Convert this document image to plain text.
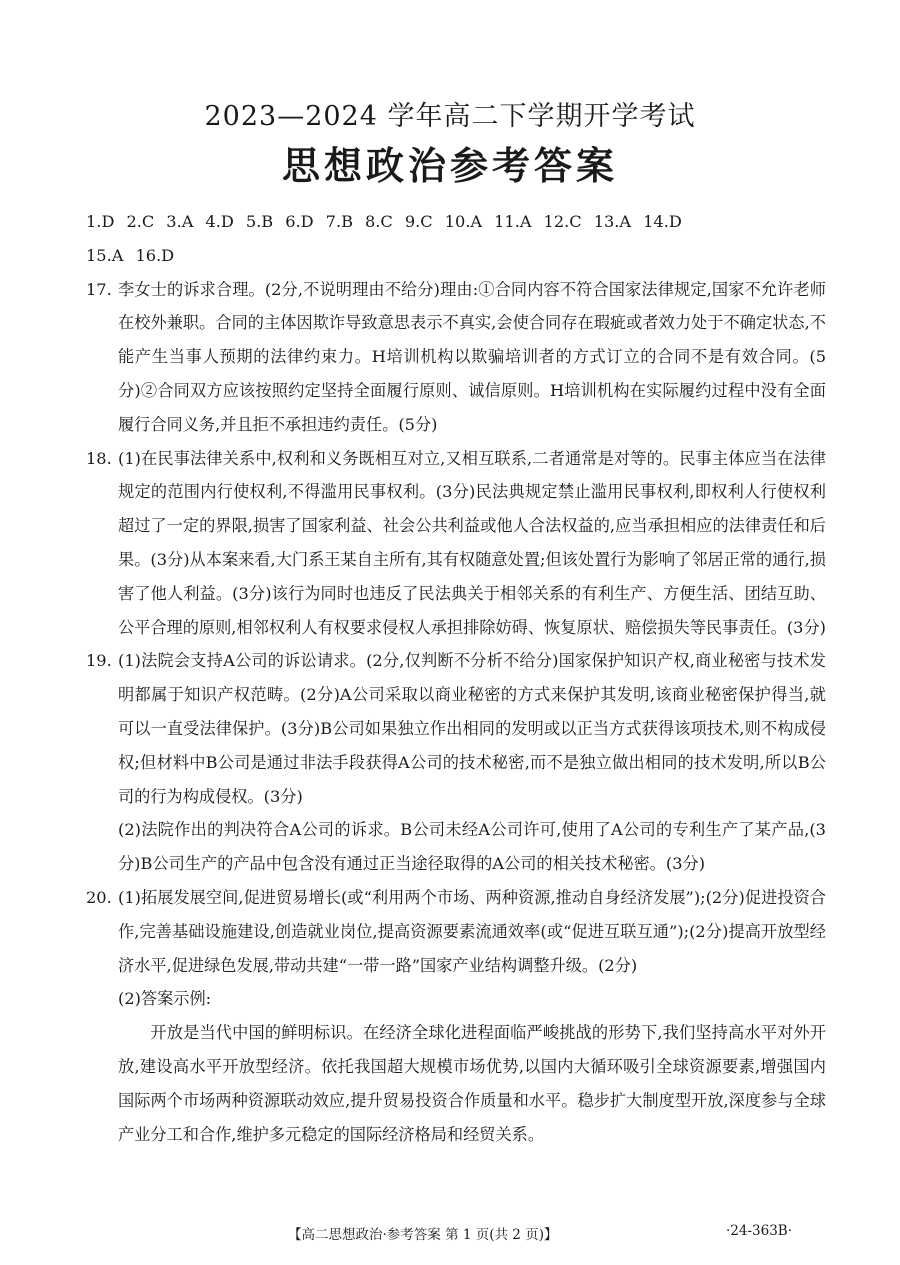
2023—2024 学年高二下学期开学考试
思想政治参考答案
1.D 2.C 3.A 4.D 5.B 6.D 7.B 8.C 9.C 10.A 11.A 12.C 13.A 14.D
15.A 16.D
17. 李女士的诉求合理。(2分,不说明理由不给分)理由:①合同内容不符合国家法律规定,国家不允许老师在校外兼职。合同的主体因欺诈导致意思表示不真实,会使合同存在瑕疵或者效力处于不确定状态,不能产生当事人预期的法律约束力。H培训机构以欺骗培训者的方式订立的合同不是有效合同。(5分)②合同双方应该按照约定坚持全面履行原则、诚信原则。H培训机构在实际履约过程中没有全面履行合同义务,并且拒不承担违约责任。(5分)
18. (1)在民事法律关系中,权利和义务既相互对立,又相互联系,二者通常是对等的。民事主体应当在法律规定的范围内行使权利,不得滥用民事权利。(3分)民法典规定禁止滥用民事权利,即权利人行使权利超过了一定的界限,损害了国家利益、社会公共利益或他人合法权益的,应当承担相应的法律责任和后果。(3分)从本案来看,大门系王某自主所有,其有权随意处置;但该处置行为影响了邻居正常的通行,损害了他人利益。(3分)该行为同时也违反了民法典关于相邻关系的有利生产、方便生活、团结互助、公平合理的原则,相邻权利人有权要求侵权人承担排除妨碍、恢复原状、赔偿损失等民事责任。(3分)
19. (1)法院会支持A公司的诉讼请求。(2分,仅判断不分析不给分)国家保护知识产权,商业秘密与技术发明都属于知识产权范畴。(2分)A公司采取以商业秘密的方式来保护其发明,该商业秘密保护得当,就可以一直受法律保护。(3分)B公司如果独立作出相同的发明或以正当方式获得该项技术,则不构成侵权;但材料中B公司是通过非法手段获得A公司的技术秘密,而不是独立做出相同的技术发明,所以B公司的行为构成侵权。(3分)
(2)法院作出的判决符合A公司的诉求。B公司未经A公司许可,使用了A公司的专利生产了某产品,(3分)B公司生产的产品中包含没有通过正当途径取得的A公司的相关技术秘密。(3分)
20. (1)拓展发展空间,促进贸易增长(或“利用两个市场、两种资源,推动自身经济发展”);(2分)促进投资合作,完善基础设施建设,创造就业岗位,提高资源要素流通效率(或“促进互联互通”);(2分)提高开放型经济水平,促进绿色发展,带动共建“一带一路”国家产业结构调整升级。(2分)
(2)答案示例:
开放是当代中国的鲜明标识。在经济全球化进程面临严峻挑战的形势下,我们坚持高水平对外开放,建设高水平开放型经济。依托我国超大规模市场优势,以国内大循环吸引全球资源要素,增强国内国际两个市场两种资源联动效应,提升贸易投资合作质量和水平。稳步扩大制度型开放,深度参与全球产业分工和合作,维护多元稳定的国际经济格局和经贸关系。
【高二思想政治·参考答案 第 1 页(共 2 页)】	·24-363B·
